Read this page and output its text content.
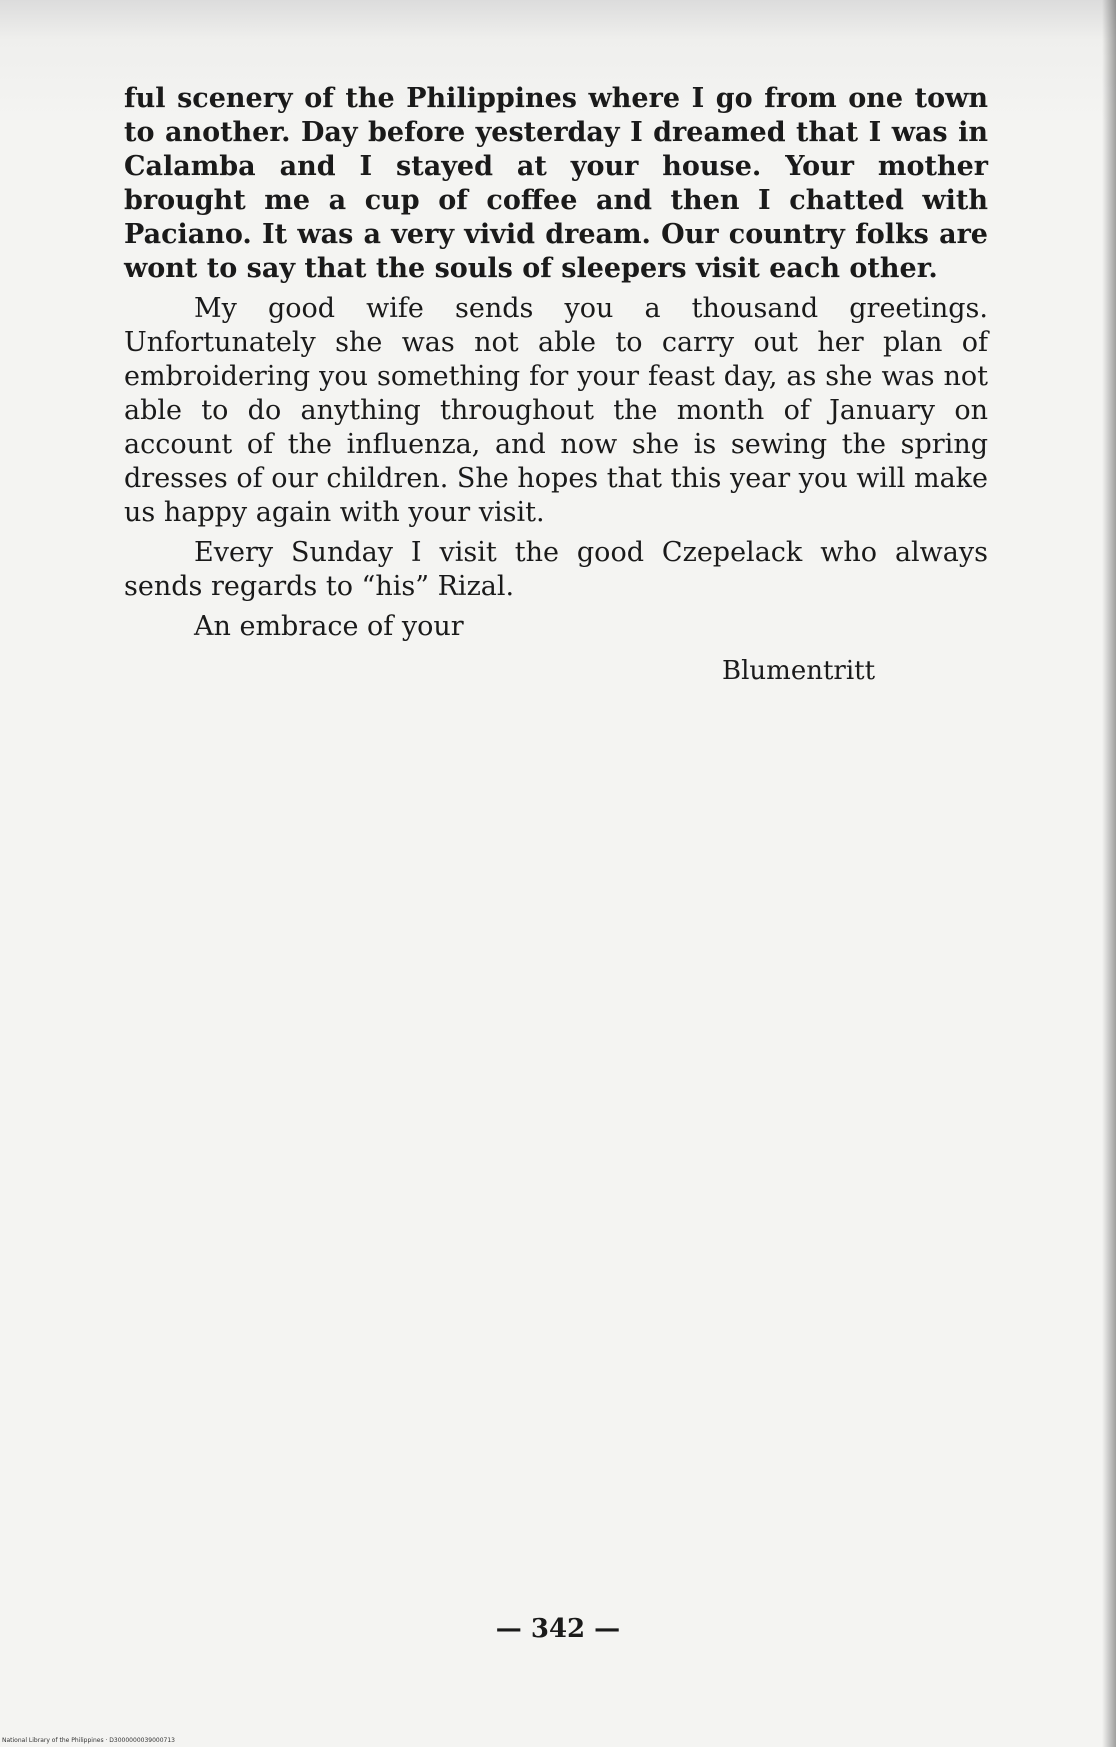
ful scenery of the Philippines where I go from one town to another. Day before yesterday I dreamed that I was in Calamba and I stayed at your house. Your mother brought me a cup of coffee and then I chatted with Paciano. It was a very vivid dream. Our country folks are wont to say that the souls of sleepers visit each other.

My good wife sends you a thousand greetings. Unfortunately she was not able to carry out her plan of embroidering you something for your feast day, as she was not able to do anything throughout the month of January on account of the influenza, and now she is sewing the spring dresses of our children. She hopes that this year you will make us happy again with your visit.

Every Sunday I visit the good Czepelack who always sends regards to “his” Rizal.

An embrace of your

Blumentritt
— 342 —
National Library of the Philippines · D3000000039000713
